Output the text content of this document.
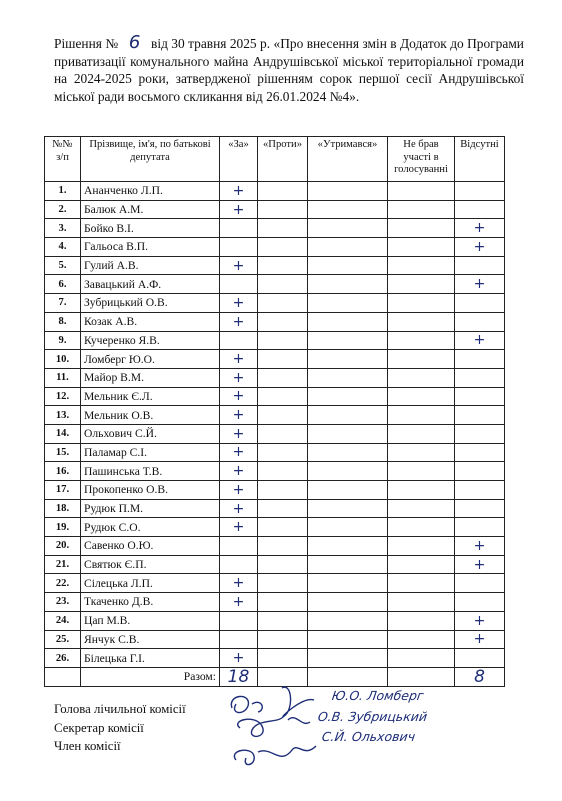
Рішення № 6 від 30 травня 2025 р. «Про внесення змін в Додаток до Програми приватизації комунального майна Андрушівської міської територіальної громади на 2024-2025 роки, затвердженої рішенням сорок першої сесії Андрушівської міської ради восьмого скликання від 26.01.2024 №4».
№№ з/п	Прізвище, ім'я, по батькові депутата	«За»	«Проти»	«Утримався»	Не брав участі в голосуванні	Відсутні
1.	Ананченко Л.П.	+				
2.	Балюк А.М.	+				
3.	Бойко В.І.					+
4.	Гальоса В.П.					+
5.	Гулий А.В.	+				
6.	Завацький А.Ф.					+
7.	Зубрицький О.В.	+				
8.	Козак А.В.	+				
9.	Кучеренко Я.В.					+
10.	Ломберг Ю.О.	+				
11.	Майор В.М.	+				
12.	Мельник Є.Л.	+				
13.	Мельник О.В.	+				
14.	Ольхович С.Й.	+				
15.	Паламар С.І.	+				
16.	Пашинська Т.В.	+				
17.	Прокопенко О.В.	+				
18.	Рудюк П.М.	+				
19.	Рудюк С.О.	+				
20.	Савенко О.Ю.					+
21.	Святюк Є.П.					+
22.	Сілецька Л.П.	+				
23.	Ткаченко Д.В.	+				
24.	Цап М.В.					+
25.	Янчук С.В.					+
26.	Білецька Г.І.	+				
	Разом:	18				8
Голова лічильної комісії
Секретар комісії
Член комісії
Ю.О. Ломберг
О.В. Зубрицький
С.Й. Ольхович
